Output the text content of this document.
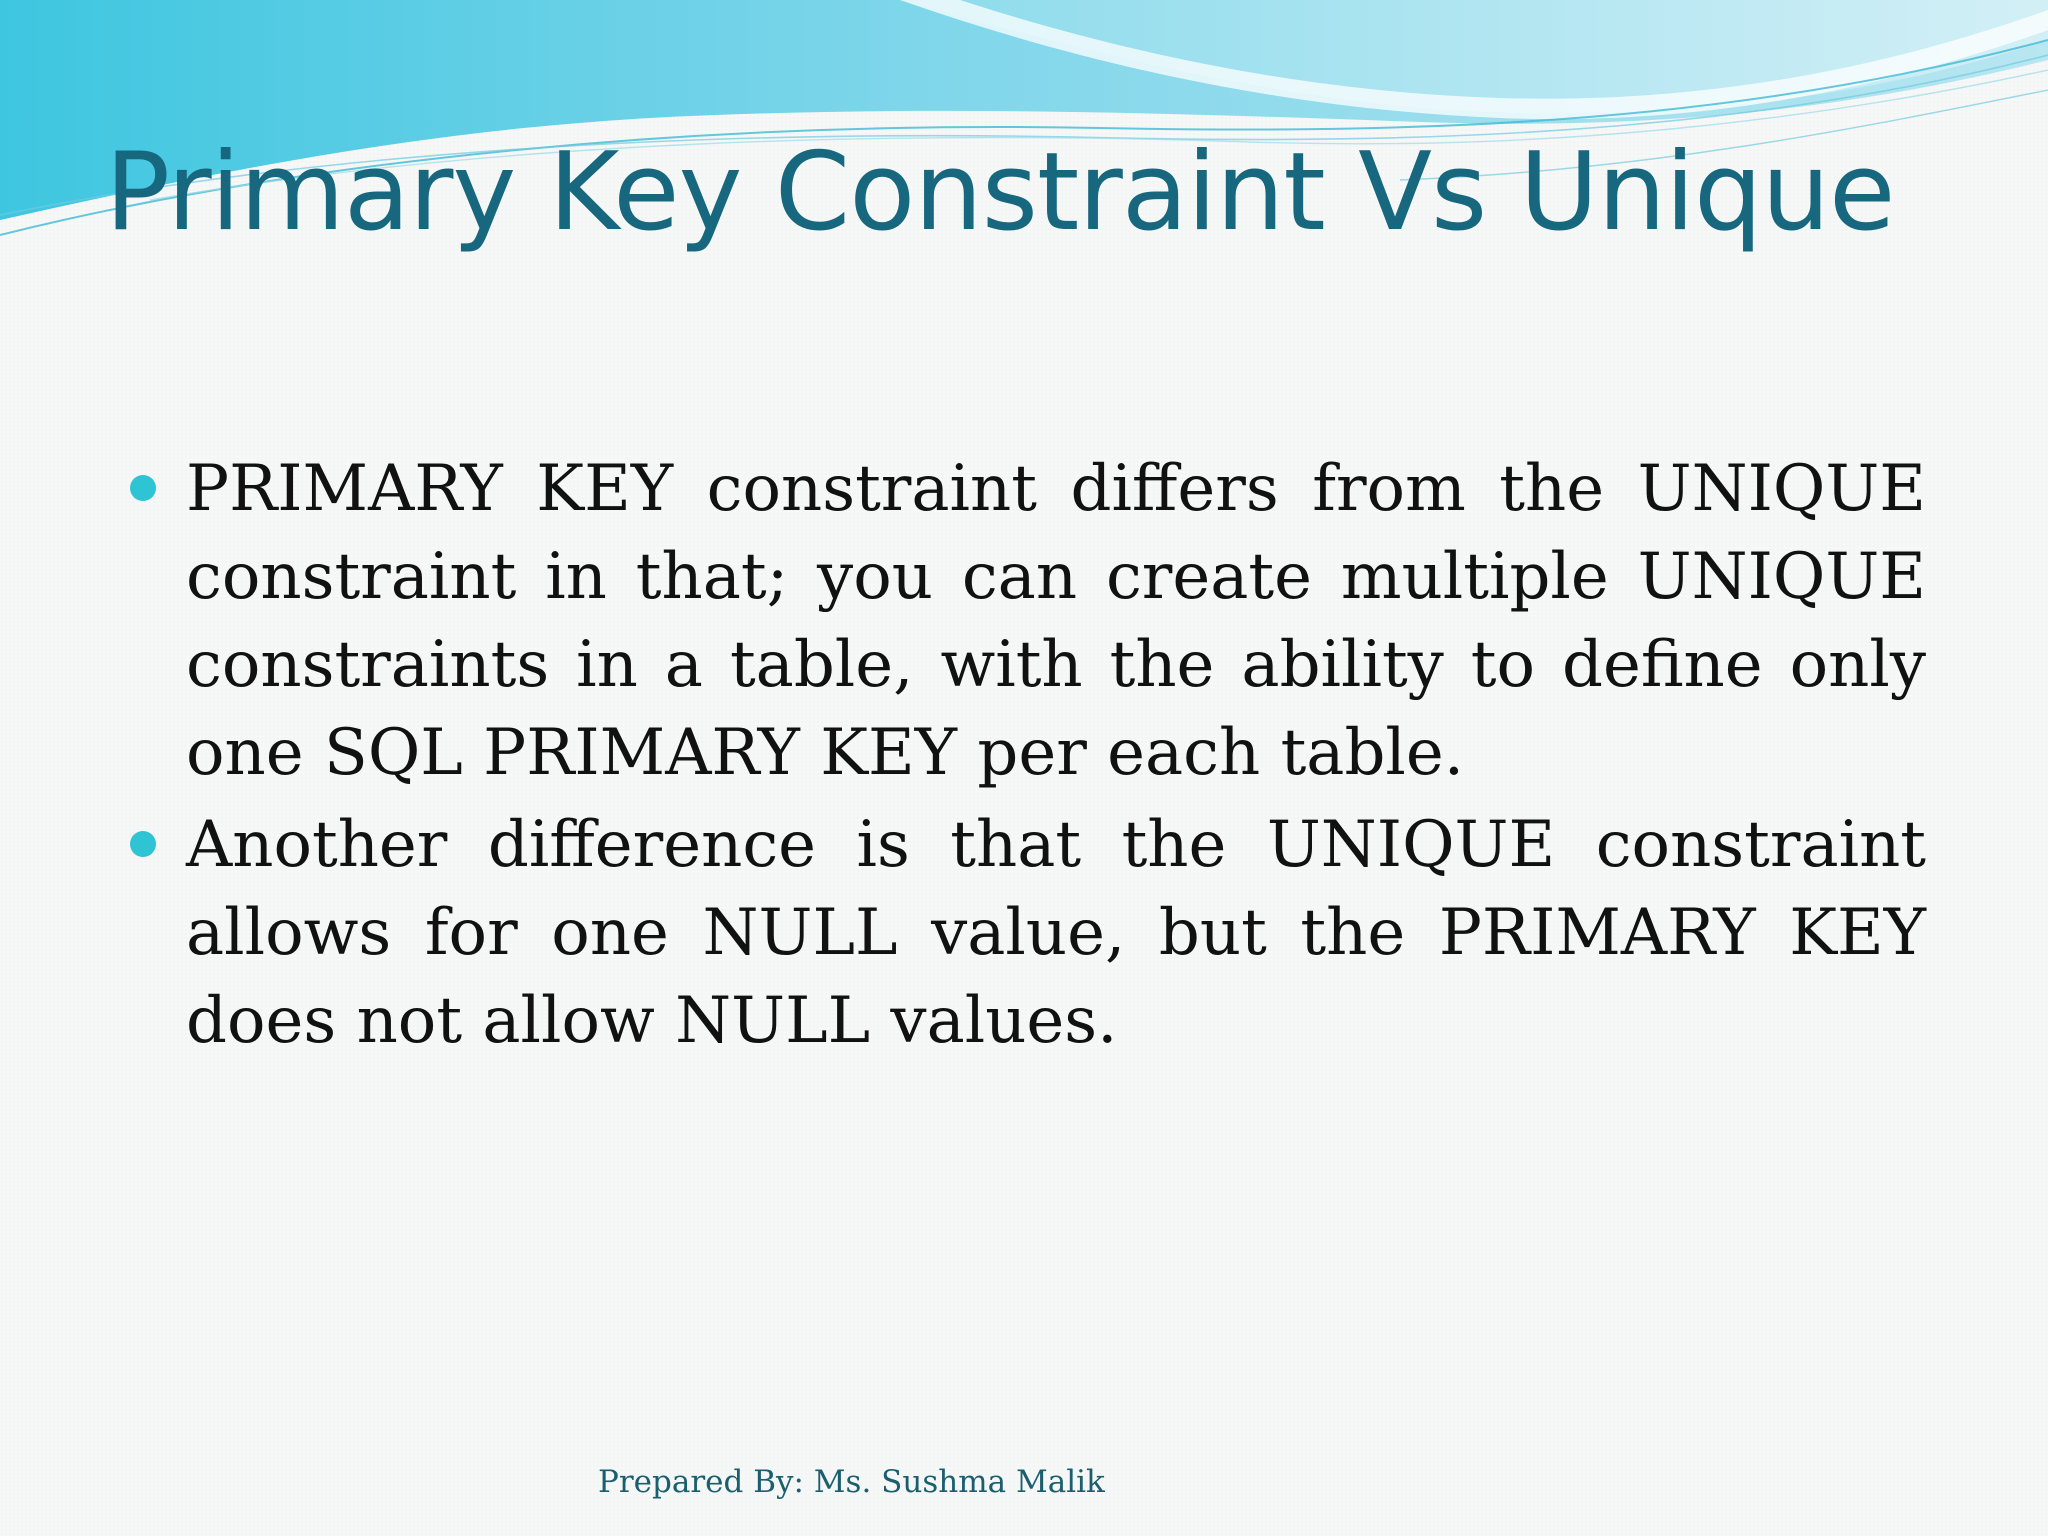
Primary Key Constraint Vs Unique
PRIMARY KEY constraint differs from the UNIQUE constraint in that; you can create multiple UNIQUE constraints in a table, with the ability to define only one SQL PRIMARY KEY per each table.
Another difference is that the UNIQUE constraint allows for one NULL value, but the PRIMARY KEY does not allow NULL values.
Prepared By: Ms. Sushma Malik
